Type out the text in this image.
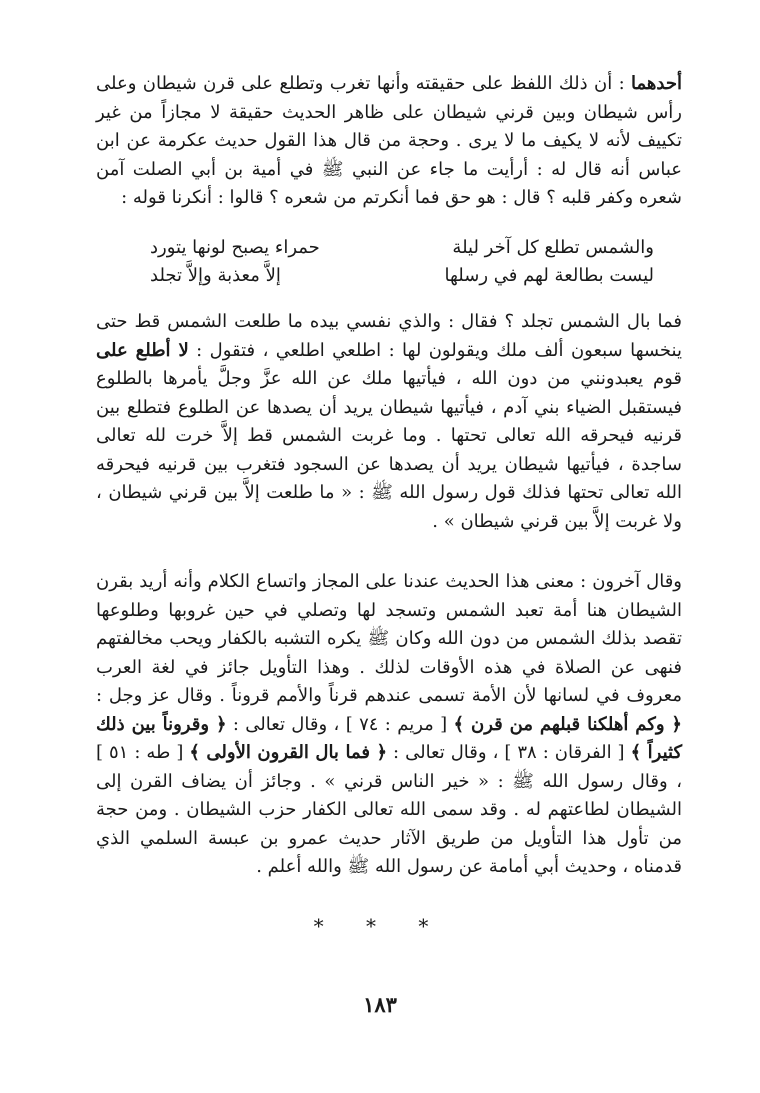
أحدهما : أن ذلك اللفظ على حقيقته وأنها تغرب وتطلع على قرن شيطان وعلى رأس شيطان وبين قرني شيطان على ظاهر الحديث حقيقة لا مجازاً من غير تكييف لأنه لا يكيف ما لا يرى . وحجة من قال هذا القول حديث عكرمة عن ابن عباس أنه قال له : أرأيت ما جاء عن النبي ﷺ في أمية بن أبي الصلت آمن شعره وكفر قلبه ؟ قال : هو حق فما أنكرتم من شعره ؟ قالوا : أنكرنا قوله :

والشمس تطلع كل آخر ليلة
حمراء يصبح لونها يتورد
ليست بطالعة لهم في رسلها
إلاَّ معذبة وإلاَّ تجلد

فما بال الشمس تجلد ؟ فقال : والذي نفسي بيده ما طلعت الشمس قط حتى ينخسها سبعون ألف ملك ويقولون لها : اطلعي اطلعي ، فتقول : لا أطلع على قوم يعبدونني من دون الله ، فيأتيها ملك عن الله عزَّ وجلَّ يأمرها بالطلوع فيستقبل الضياء بني آدم ، فيأتيها شيطان يريد أن يصدها عن الطلوع فتطلع بين قرنيه فيحرقه الله تعالى تحتها . وما غربت الشمس قط إلاَّ خرت لله تعالى ساجدة ، فيأتيها شيطان يريد أن يصدها عن السجود فتغرب بين قرنيه فيحرقه الله تعالى تحتها فذلك قول رسول الله ﷺ : « ما طلعت إلاَّ بين قرني شيطان ، ولا غربت إلاَّ بين قرني شيطان » .

وقال آخرون : معنى هذا الحديث عندنا على المجاز واتساع الكلام وأنه أريد بقرن الشيطان هنا أمة تعبد الشمس وتسجد لها وتصلي في حين غروبها وطلوعها تقصد بذلك الشمس من دون الله وكان ﷺ يكره التشبه بالكفار ويحب مخالفتهم فنهى عن الصلاة في هذه الأوقات لذلك . وهذا التأويل جائز في لغة العرب معروف في لسانها لأن الأمة تسمى عندهم قرناً والأمم قروناً . وقال عز وجل : ﴿ وكم أهلكنا قبلهم من قرن ﴾ [ مريم : ٧٤ ] ، وقال تعالى : ﴿ وقروناً بين ذلك كثيراً ﴾ [ الفرقان : ٣٨ ] ، وقال تعالى : ﴿ فما بال القرون الأولى ﴾ [ طه : ٥١ ] ، وقال رسول الله ﷺ : « خير الناس قرني » . وجائز أن يضاف القرن إلى الشيطان لطاعتهم له . وقد سمى الله تعالى الكفار حزب الشيطان . ومن حجة من تأول هذا التأويل من طريق الآثار حديث عمرو بن عبسة السلمي الذي قدمناه ، وحديث أبي أمامة عن رسول الله ﷺ والله أعلم .

* * *
١٨٣
